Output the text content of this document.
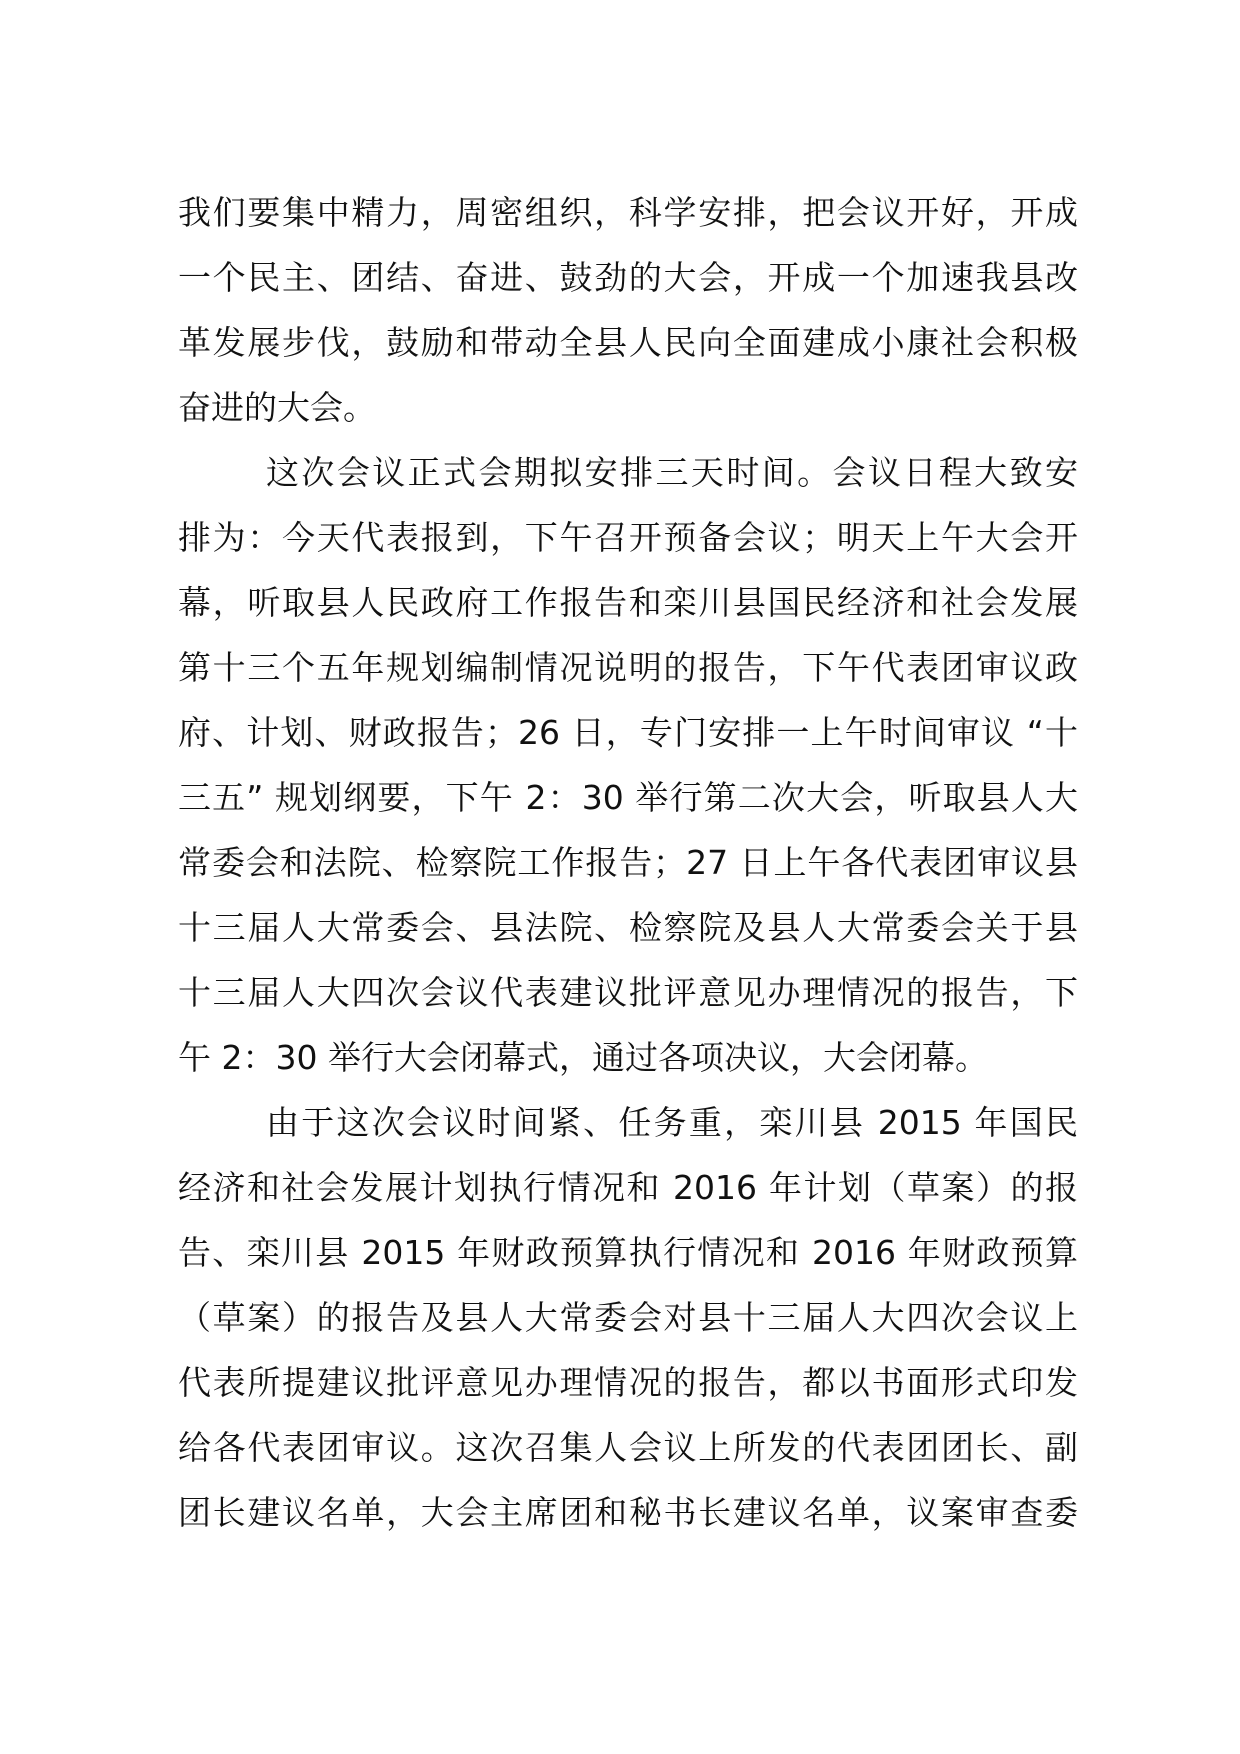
我们要集中精力，周密组织，科学安排，把会议开好，开成
一个民主、团结、奋进、鼓劲的大会，开成一个加速我县改
革发展步伐，鼓励和带动全县人民向全面建成小康社会积极
奋进的大会。
这次会议正式会期拟安排三天时间。会议日程大致安
排为：今天代表报到，下午召开预备会议；明天上午大会开
幕，听取县人民政府工作报告和栾川县国民经济和社会发展
第十三个五年规划编制情况说明的报告，下午代表团审议政
府、计划、财政报告；26 日，专门安排一上午时间审议 “十
三五” 规划纲要，下午 2：30 举行第二次大会，听取县人大
常委会和法院、检察院工作报告；27 日上午各代表团审议县
十三届人大常委会、县法院、检察院及县人大常委会关于县
十三届人大四次会议代表建议批评意见办理情况的报告，下
午 2：30 举行大会闭幕式，通过各项决议，大会闭幕。
由于这次会议时间紧、任务重，栾川县 2015 年国民
经济和社会发展计划执行情况和 2016 年计划（草案）的报
告、栾川县 2015 年财政预算执行情况和 2016 年财政预算
（草案）的报告及县人大常委会对县十三届人大四次会议上
代表所提建议批评意见办理情况的报告，都以书面形式印发
给各代表团审议。这次召集人会议上所发的代表团团长、副
团长建议名单，大会主席团和秘书长建议名单，议案审查委
